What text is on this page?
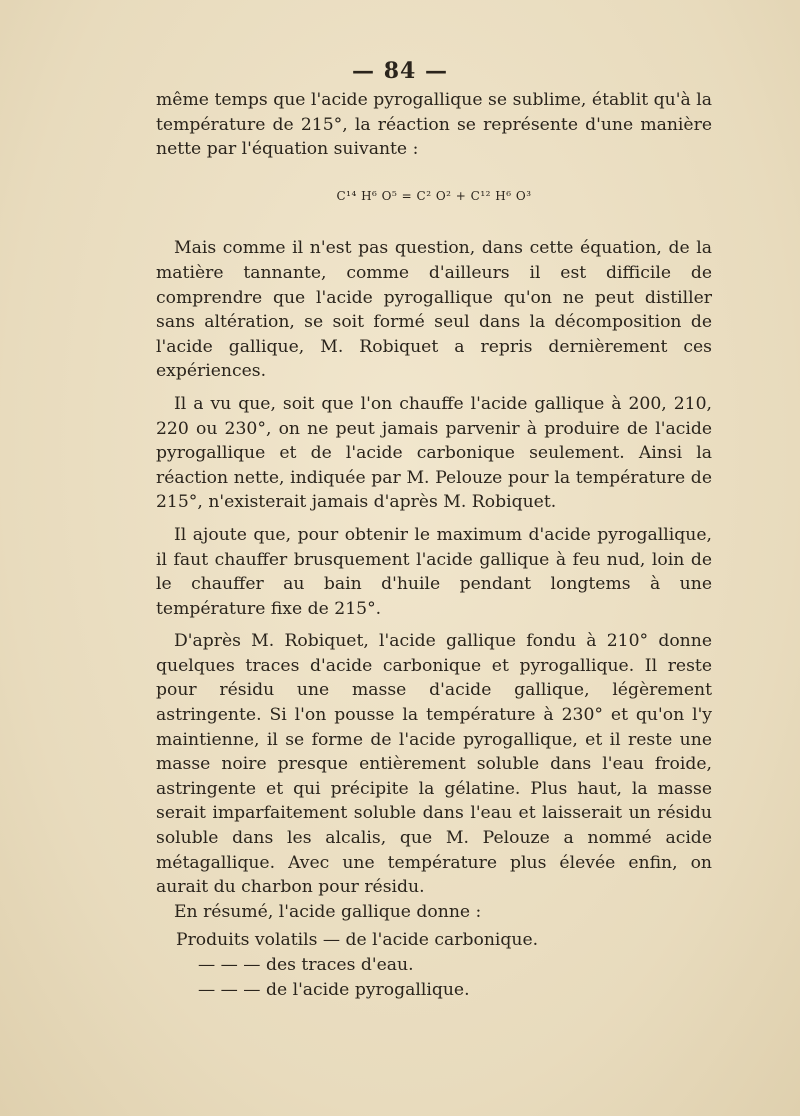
— 84 —

même temps que l'acide pyrogallique se sublime, établit qu'à la température de 215°, la réaction se représente d'une manière nette par l'équation suivante :

C¹⁴ H⁶ O⁵ = C² O² + C¹² H⁶ O³

Mais comme il n'est pas question, dans cette équation, de la matière tannante, comme d'ailleurs il est difficile de comprendre que l'acide pyrogallique qu'on ne peut distiller sans altération, se soit formé seul dans la décomposition de l'acide gallique, M. Robiquet a repris dernièrement ces expériences.

Il a vu que, soit que l'on chauffe l'acide gallique à 200, 210, 220 ou 230°, on ne peut jamais parvenir à produire de l'acide pyrogallique et de l'acide carbonique seulement. Ainsi la réaction nette, indiquée par M. Pelouze pour la température de 215°, n'existerait jamais d'après M. Robiquet.

Il ajoute que, pour obtenir le maximum d'acide pyrogallique, il faut chauffer brusquement l'acide gallique à feu nud, loin de le chauffer au bain d'huile pendant longtems à une température fixe de 215°.

D'après M. Robiquet, l'acide gallique fondu à 210° donne quelques traces d'acide carbonique et pyrogallique. Il reste pour résidu une masse d'acide gallique, légèrement astringente. Si l'on pousse la température à 230° et qu'on l'y maintienne, il se forme de l'acide pyrogallique, et il reste une masse noire presque entièrement soluble dans l'eau froide, astringente et qui précipite la gélatine. Plus haut, la masse serait imparfaitement soluble dans l'eau et laisserait un résidu soluble dans les alcalis, que M. Pelouze a nommé acide métagallique. Avec une température plus élevée enfin, on aurait du charbon pour résidu.

En résumé, l'acide gallique donne :

Produits volatils — de l'acide carbonique.
— — — des traces d'eau.
— — — de l'acide pyrogallique.
